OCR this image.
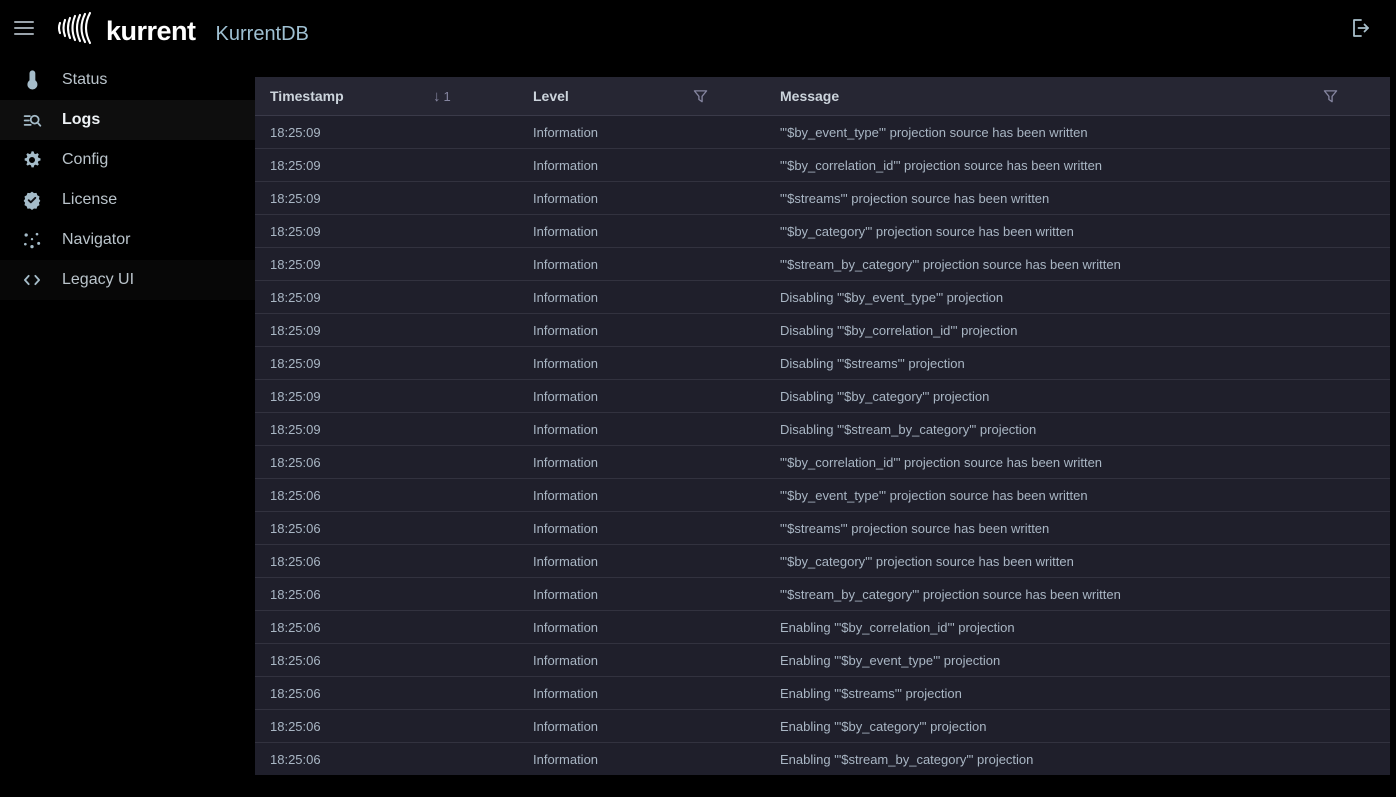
kurrent KurrentDB
Status
Logs
Config
License
Navigator
Legacy UI
Timestamp	Level	Message
↓ 1
18:25:09	Information	"'$by_event_type'" projection source has been written
18:25:09	Information	"'$by_correlation_id'" projection source has been written
18:25:09	Information	"'$streams'" projection source has been written
18:25:09	Information	"'$by_category'" projection source has been written
18:25:09	Information	"'$stream_by_category'" projection source has been written
18:25:09	Information	Disabling "'$by_event_type'" projection
18:25:09	Information	Disabling "'$by_correlation_id'" projection
18:25:09	Information	Disabling "'$streams'" projection
18:25:09	Information	Disabling "'$by_category'" projection
18:25:09	Information	Disabling "'$stream_by_category'" projection
18:25:06	Information	"'$by_correlation_id'" projection source has been written
18:25:06	Information	"'$by_event_type'" projection source has been written
18:25:06	Information	"'$streams'" projection source has been written
18:25:06	Information	"'$by_category'" projection source has been written
18:25:06	Information	"'$stream_by_category'" projection source has been written
18:25:06	Information	Enabling "'$by_correlation_id'" projection
18:25:06	Information	Enabling "'$by_event_type'" projection
18:25:06	Information	Enabling "'$streams'" projection
18:25:06	Information	Enabling "'$by_category'" projection
18:25:06	Information	Enabling "'$stream_by_category'" projection
